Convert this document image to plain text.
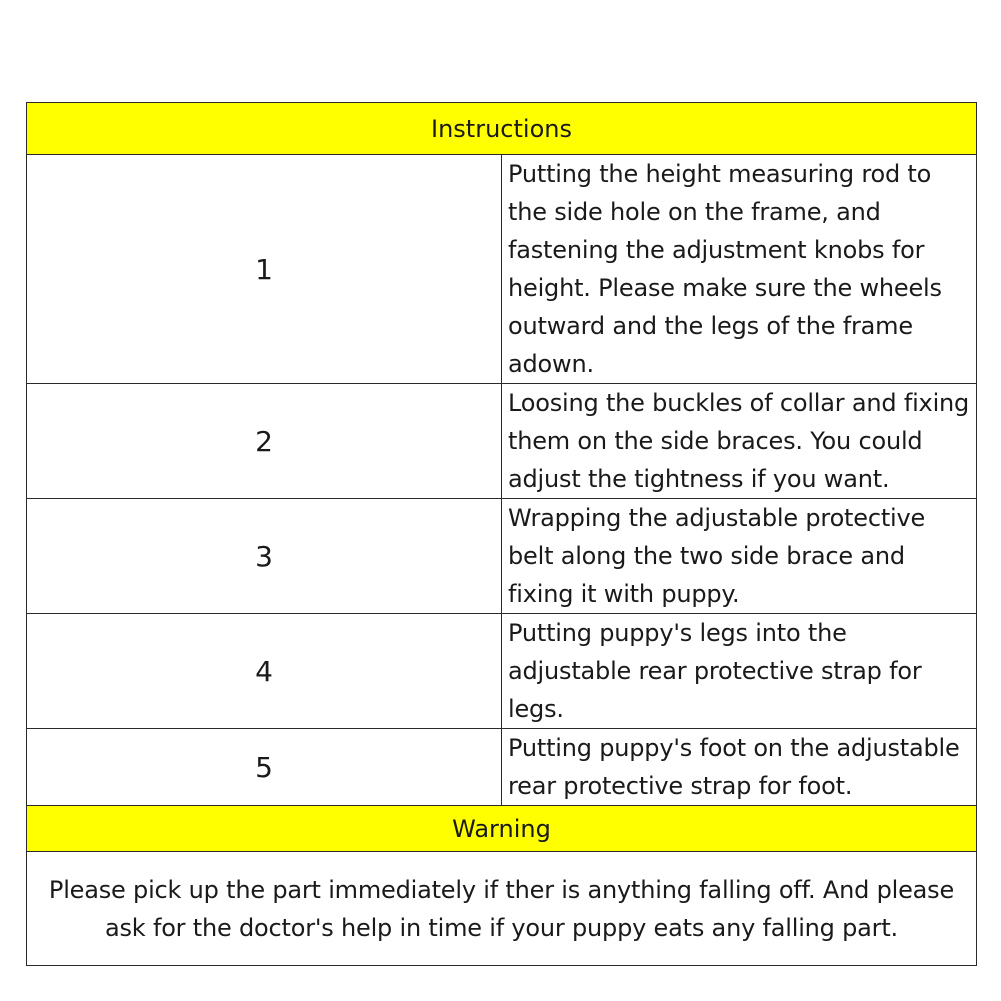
Instructions	
1	Putting the height measuring rod to the side hole on the frame, and fastening the adjustment knobs for height. Please make sure the wheels outward and the legs of the frame adown.
2	Loosing the buckles of collar and fixing them on the side braces. You could adjust the tightness if you want.
3	Wrapping the adjustable protective belt along the two side brace and fixing it with puppy.
4	Putting puppy's legs into the adjustable rear protective strap for legs.
5	Putting puppy's foot on the adjustable rear protective strap for foot.
Warning	
Please pick up the part immediately if ther is anything falling off. And please ask for the doctor's help in time if your puppy eats any falling part.	
